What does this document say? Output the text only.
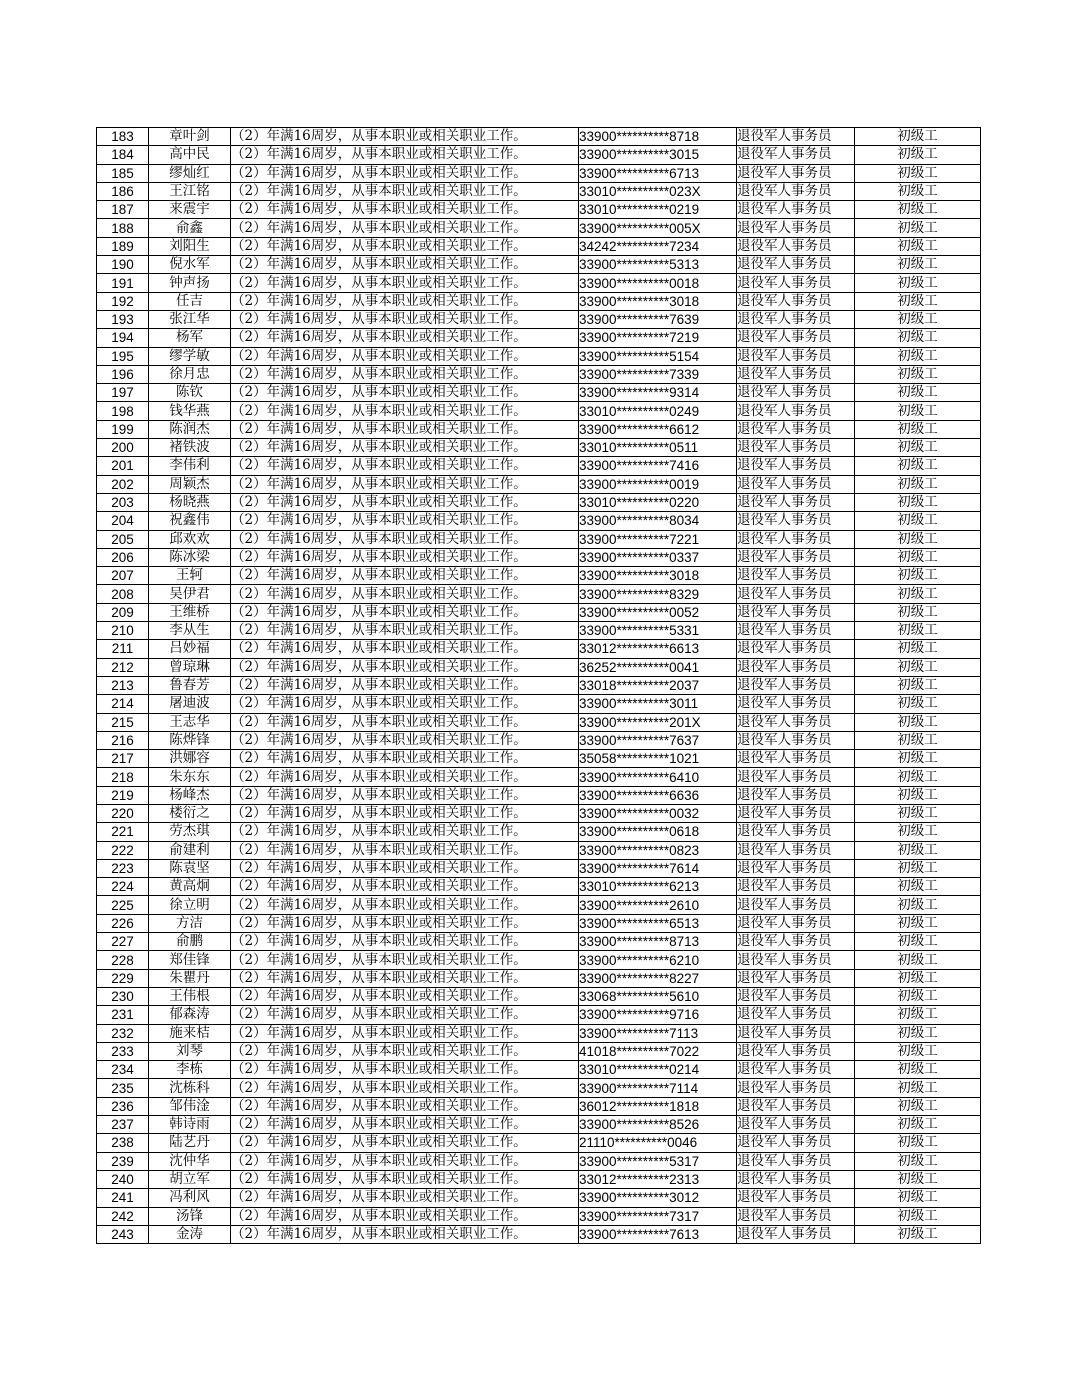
183	章叶剑	（2）年满16周岁，从事本职业或相关职业工作。	33900**********8718	退役军人事务员	初级工
184	高中民	（2）年满16周岁，从事本职业或相关职业工作。	33900**********3015	退役军人事务员	初级工
185	缪灿红	（2）年满16周岁，从事本职业或相关职业工作。	33900**********6713	退役军人事务员	初级工
186	王江铭	（2）年满16周岁，从事本职业或相关职业工作。	33010**********023X	退役军人事务员	初级工
187	来震宇	（2）年满16周岁，从事本职业或相关职业工作。	33010**********0219	退役军人事务员	初级工
188	俞鑫	（2）年满16周岁，从事本职业或相关职业工作。	33900**********005X	退役军人事务员	初级工
189	刘阳生	（2）年满16周岁，从事本职业或相关职业工作。	34242**********7234	退役军人事务员	初级工
190	倪水军	（2）年满16周岁，从事本职业或相关职业工作。	33900**********5313	退役军人事务员	初级工
191	钟声扬	（2）年满16周岁，从事本职业或相关职业工作。	33900**********0018	退役军人事务员	初级工
192	任吉	（2）年满16周岁，从事本职业或相关职业工作。	33900**********3018	退役军人事务员	初级工
193	张江华	（2）年满16周岁，从事本职业或相关职业工作。	33900**********7639	退役军人事务员	初级工
194	杨军	（2）年满16周岁，从事本职业或相关职业工作。	33900**********7219	退役军人事务员	初级工
195	缪学敏	（2）年满16周岁，从事本职业或相关职业工作。	33900**********5154	退役军人事务员	初级工
196	徐月忠	（2）年满16周岁，从事本职业或相关职业工作。	33900**********7339	退役军人事务员	初级工
197	陈钦	（2）年满16周岁，从事本职业或相关职业工作。	33900**********9314	退役军人事务员	初级工
198	钱华燕	（2）年满16周岁，从事本职业或相关职业工作。	33010**********0249	退役军人事务员	初级工
199	陈润杰	（2）年满16周岁，从事本职业或相关职业工作。	33900**********6612	退役军人事务员	初级工
200	褚铁波	（2）年满16周岁，从事本职业或相关职业工作。	33010**********0511	退役军人事务员	初级工
201	李伟利	（2）年满16周岁，从事本职业或相关职业工作。	33900**********7416	退役军人事务员	初级工
202	周颖杰	（2）年满16周岁，从事本职业或相关职业工作。	33900**********0019	退役军人事务员	初级工
203	杨晓燕	（2）年满16周岁，从事本职业或相关职业工作。	33010**********0220	退役军人事务员	初级工
204	祝鑫伟	（2）年满16周岁，从事本职业或相关职业工作。	33900**********8034	退役军人事务员	初级工
205	邱欢欢	（2）年满16周岁，从事本职业或相关职业工作。	33900**********7221	退役军人事务员	初级工
206	陈冰梁	（2）年满16周岁，从事本职业或相关职业工作。	33900**********0337	退役军人事务员	初级工
207	王轲	（2）年满16周岁，从事本职业或相关职业工作。	33900**********3018	退役军人事务员	初级工
208	吴伊君	（2）年满16周岁，从事本职业或相关职业工作。	33900**********8329	退役军人事务员	初级工
209	王维桥	（2）年满16周岁，从事本职业或相关职业工作。	33900**********0052	退役军人事务员	初级工
210	李从生	（2）年满16周岁，从事本职业或相关职业工作。	33900**********5331	退役军人事务员	初级工
211	吕妙福	（2）年满16周岁，从事本职业或相关职业工作。	33012**********6613	退役军人事务员	初级工
212	曾琼琳	（2）年满16周岁，从事本职业或相关职业工作。	36252**********0041	退役军人事务员	初级工
213	鲁春芳	（2）年满16周岁，从事本职业或相关职业工作。	33018**********2037	退役军人事务员	初级工
214	屠迪波	（2）年满16周岁，从事本职业或相关职业工作。	33900**********3011	退役军人事务员	初级工
215	王志华	（2）年满16周岁，从事本职业或相关职业工作。	33900**********201X	退役军人事务员	初级工
216	陈烨锋	（2）年满16周岁，从事本职业或相关职业工作。	33900**********7637	退役军人事务员	初级工
217	洪娜容	（2）年满16周岁，从事本职业或相关职业工作。	35058**********1021	退役军人事务员	初级工
218	朱东东	（2）年满16周岁，从事本职业或相关职业工作。	33900**********6410	退役军人事务员	初级工
219	杨峰杰	（2）年满16周岁，从事本职业或相关职业工作。	33900**********6636	退役军人事务员	初级工
220	楼衍之	（2）年满16周岁，从事本职业或相关职业工作。	33900**********0032	退役军人事务员	初级工
221	劳杰琪	（2）年满16周岁，从事本职业或相关职业工作。	33900**********0618	退役军人事务员	初级工
222	俞建利	（2）年满16周岁，从事本职业或相关职业工作。	33900**********0823	退役军人事务员	初级工
223	陈袁坚	（2）年满16周岁，从事本职业或相关职业工作。	33900**********7614	退役军人事务员	初级工
224	黄高炯	（2）年满16周岁，从事本职业或相关职业工作。	33010**********6213	退役军人事务员	初级工
225	徐立明	（2）年满16周岁，从事本职业或相关职业工作。	33900**********2610	退役军人事务员	初级工
226	方洁	（2）年满16周岁，从事本职业或相关职业工作。	33900**********6513	退役军人事务员	初级工
227	俞鹏	（2）年满16周岁，从事本职业或相关职业工作。	33900**********8713	退役军人事务员	初级工
228	郑佳锋	（2）年满16周岁，从事本职业或相关职业工作。	33900**********6210	退役军人事务员	初级工
229	朱瞿丹	（2）年满16周岁，从事本职业或相关职业工作。	33900**********8227	退役军人事务员	初级工
230	王伟根	（2）年满16周岁，从事本职业或相关职业工作。	33068**********5610	退役军人事务员	初级工
231	郁森涛	（2）年满16周岁，从事本职业或相关职业工作。	33900**********9716	退役军人事务员	初级工
232	施来桔	（2）年满16周岁，从事本职业或相关职业工作。	33900**********7113	退役军人事务员	初级工
233	刘琴	（2）年满16周岁，从事本职业或相关职业工作。	41018**********7022	退役军人事务员	初级工
234	李栋	（2）年满16周岁，从事本职业或相关职业工作。	33010**********0214	退役军人事务员	初级工
235	沈栋科	（2）年满16周岁，从事本职业或相关职业工作。	33900**********7114	退役军人事务员	初级工
236	邹伟淦	（2）年满16周岁，从事本职业或相关职业工作。	36012**********1818	退役军人事务员	初级工
237	韩诗雨	（2）年满16周岁，从事本职业或相关职业工作。	33900**********8526	退役军人事务员	初级工
238	陆艺丹	（2）年满16周岁，从事本职业或相关职业工作。	21110**********0046	退役军人事务员	初级工
239	沈仲华	（2）年满16周岁，从事本职业或相关职业工作。	33900**********5317	退役军人事务员	初级工
240	胡立军	（2）年满16周岁，从事本职业或相关职业工作。	33012**********2313	退役军人事务员	初级工
241	冯利风	（2）年满16周岁，从事本职业或相关职业工作。	33900**********3012	退役军人事务员	初级工
242	汤锋	（2）年满16周岁，从事本职业或相关职业工作。	33900**********7317	退役军人事务员	初级工
243	金涛	（2）年满16周岁，从事本职业或相关职业工作。	33900**********7613	退役军人事务员	初级工
